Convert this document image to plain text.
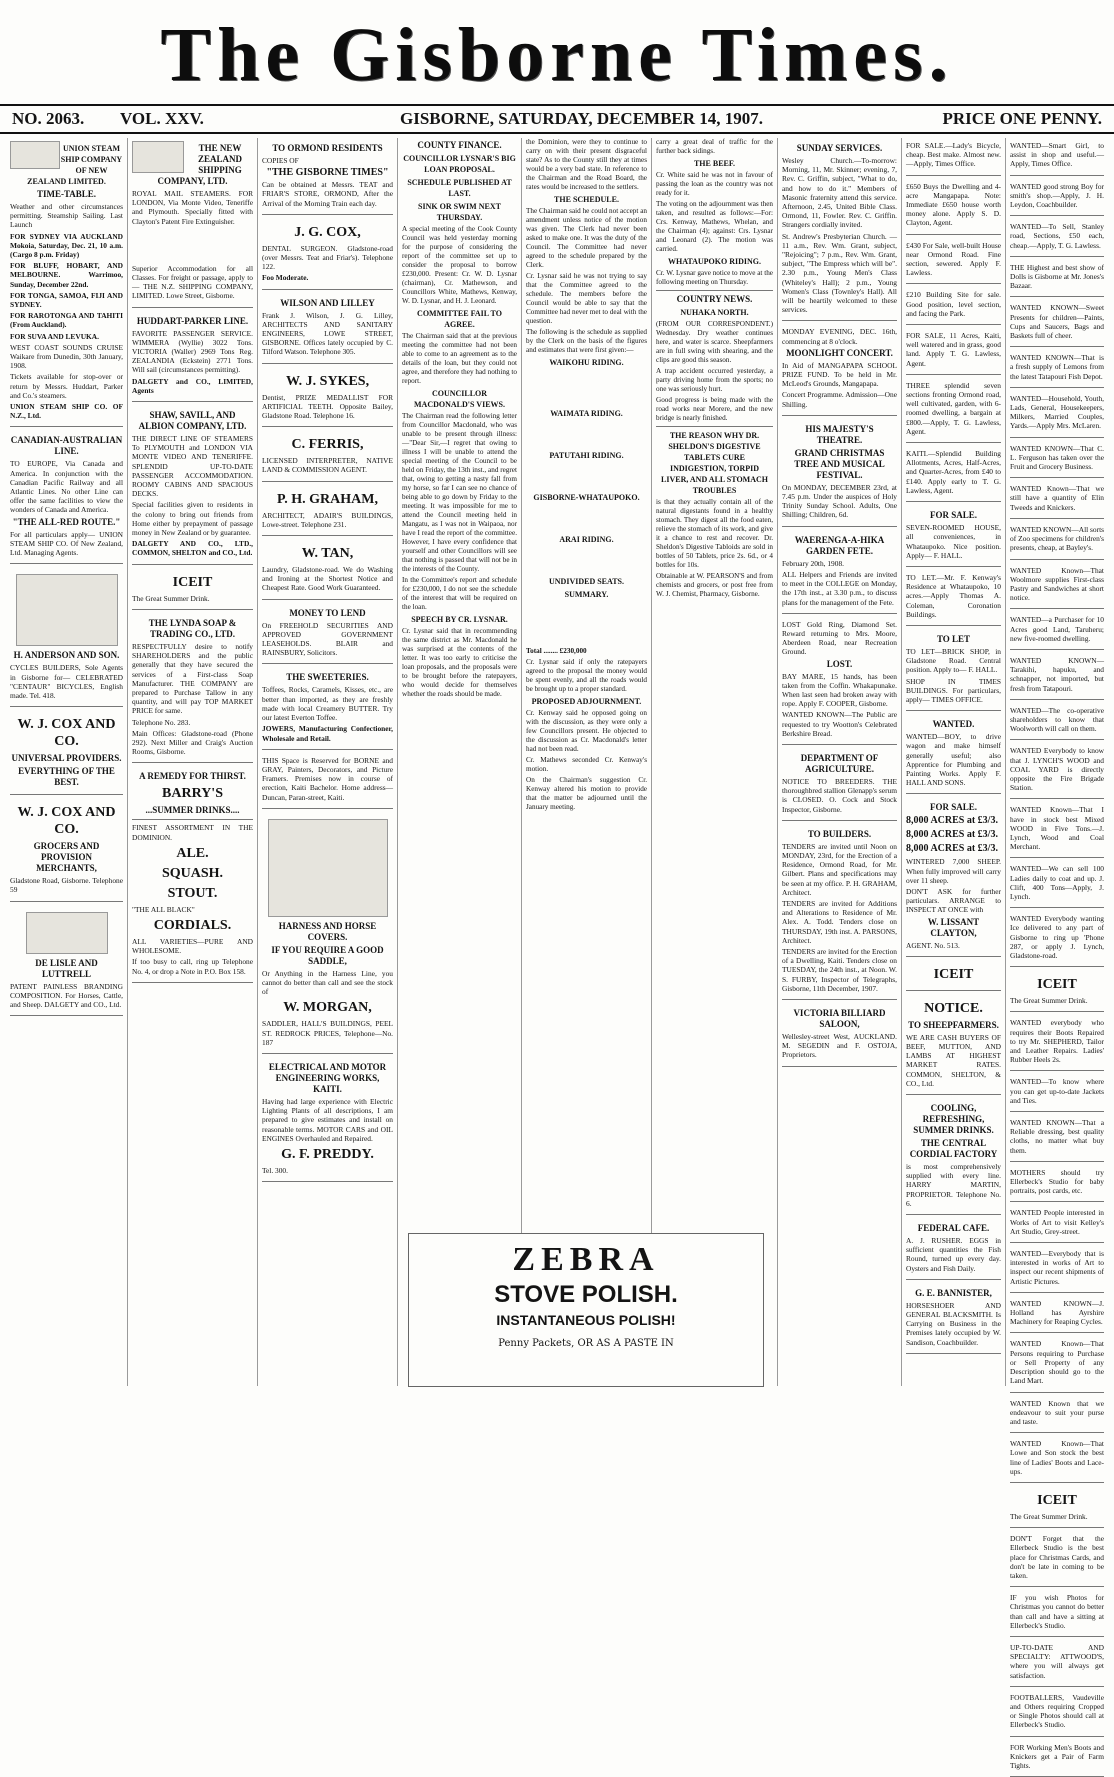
The Gisborne Times.
NO. 2063. VOL. XXV.	GISBORNE, SATURDAY, DECEMBER 14, 1907.	PRICE ONE PENNY.
UNION STEAM SHIP COMPANY OF NEW ZEALAND LIMITED.
TIME-TABLE.

Weather and other circumstances permitting. Steamship Sailing. Last Launch

FOR SYDNEY VIA AUCKLAND Mokoia, Saturday, Dec. 21, 10 a.m. (Cargo 8 p.m. Friday)

FOR BLUFF, HOBART, AND MELBOURNE. Warrimoo, Sunday, December 22nd.

FOR TONGA, SAMOA, FIJI AND SYDNEY.

FOR RAROTONGA AND TAHITI (From Auckland).

FOR SUVA AND LEVUKA.

WEST COAST SOUNDS CRUISE Waikare from Dunedin, 30th January, 1908.

Tickets available for stop-over or return by Messrs. Huddart, Parker and Co.'s steamers.

UNION STEAM SHIP CO. OF N.Z., Ltd.

CANADIAN-AUSTRALIAN LINE.

TO EUROPE, Via Canada and America. In conjunction with the Canadian Pacific Railway and all Atlantic Lines. No other Line can offer the same facilities to view the wonders of Canada and America.

"THE ALL-RED ROUTE."

For all particulars apply— UNION STEAM SHIP CO. Of New Zealand, Ltd. Managing Agents.

H. ANDERSON AND SON.

CYCLES BUILDERS, Sole Agents in Gisborne for— CELEBRATED "CENTAUR" BICYCLES, English made. Tel. 418.

W. J. COX AND CO.
UNIVERSAL PROVIDERS.
EVERYTHING OF THE BEST.
W. J. COX AND CO.
GROCERS AND PROVISION MERCHANTS,

Gladstone Road, Gisborne. Telephone 59

DE LISLE AND LUTTRELL

PATENT PAINLESS BRANDING COMPOSITION. For Horses, Cattle, and Sheep. DALGETY and CO., Ltd.

THE NEW ZEALAND SHIPPING COMPANY, LTD.

ROYAL MAIL STEAMERS. FOR LONDON, Via Monte Video, Teneriffe and Plymouth. Specially fitted with Clayton's Patent Fire Extinguisher.

Superior Accommodation for all Classes. For freight or passage, apply to— THE N.Z. SHIPPING COMPANY, LIMITED. Lowe Street, Gisborne.

HUDDART-PARKER LINE.

FAVORITE PASSENGER SERVICE. WIMMERA (Wyllie) 3022 Tons. VICTORIA (Waller) 2969 Tons Reg. ZEALANDIA (Eckstein) 2771 Tons. Will sail (circumstances permitting).

DALGETY and CO., LIMITED, Agents

SHAW, SAVILL, AND ALBION COMPANY, LTD.

THE DIRECT LINE OF STEAMERS To PLYMOUTH and LONDON VIA MONTE VIDEO AND TENERIFFE. SPLENDID UP-TO-DATE PASSENGER ACCOMMODATION. ROOMY CABINS AND SPACIOUS DECKS.

Special facilities given to residents in the colony to bring out friends from Home either by prepayment of passage money in New Zealand or by guarantee.

DALGETY AND CO., LTD., COMMON, SHELTON and CO., Ltd.

ICEIT

The Great Summer Drink.

THE LYNDA SOAP & TRADING CO., LTD.

RESPECTFULLY desire to notify SHAREHOLDERS and the public generally that they have secured the services of a First-class Soap Manufacturer. THE COMPANY are prepared to Purchase Tallow in any quantity, and will pay TOP MARKET PRICE for same.

Telephone No. 283.

Main Offices: Gladstone-road (Phone 292). Next Miller and Craig's Auction Rooms, Gisborne.

A REMEDY FOR THIRST.
BARRY'S
...SUMMER DRINKS....

FINEST ASSORTMENT IN THE DOMINION.

ALE.
SQUASH.
STOUT.

"THE ALL BLACK"

CORDIALS.

ALL VARIETIES—PURE AND WHOLESOME.

If too busy to call, ring up Telephone No. 4, or drop a Note in P.O. Box 158.

TO ORMOND RESIDENTS

COPIES OF

"THE GISBORNE TIMES"

Can be obtained at Messrs. TEAT and FRIAR'S STORE, ORMOND, After the Arrival of the Morning Train each day.

J. G. COX,

DENTAL SURGEON. Gladstone-road (over Messrs. Teat and Friar's). Telephone 122.

Foo Moderate.

WILSON AND LILLEY

Frank J. Wilson, J. G. Lilley, ARCHITECTS AND SANITARY ENGINEERS, LOWE STREET, GISBORNE. Offices lately occupied by C. Tilford Watson. Telephone 305.

W. J. SYKES,

Dentist, PRIZE MEDALLIST FOR ARTIFICIAL TEETH. Opposite Bailey, Gladstone Road. Telephone 16.

C. FERRIS,

LICENSED INTERPRETER, NATIVE LAND & COMMISSION AGENT.

P. H. GRAHAM,

ARCHITECT, ADAIR'S BUILDINGS, Lowe-street. Telephone 231.

W. TAN,

Laundry, Gladstone-road. We do Washing and Ironing at the Shortest Notice and Cheapest Rate. Good Work Guaranteed.

MONEY TO LEND

On FREEHOLD SECURITIES AND APPROVED GOVERNMENT LEASEHOLDS. BLAIR and RAINSBURY, Solicitors.

THE SWEETERIES.

Toffees, Rocks, Caramels, Kisses, etc., are better than imported, as they are freshly made with local Creamery BUTTER. Try our latest Everton Toffee.

JOWERS, Manufacturing Confectioner, Wholesale and Retail.

THIS Space is Reserved for BORNE and GRAY, Painters, Decorators, and Picture Framers. Premises now in course of erection, Kaiti Bachelor. Home address—Duncan, Paran-street, Kaiti.

HARNESS AND HORSE COVERS.
IF YOU REQUIRE A GOOD SADDLE,

Or Anything in the Harness Line, you cannot do better than call and see the stock of

W. MORGAN,

SADDLER, HALL'S BUILDINGS, PEEL ST. REDROCK PRICES, Telephone—No. 187

ELECTRICAL AND MOTOR ENGINEERING WORKS, KAITI.

Having had large experience with Electric Lighting Plants of all descriptions, I am prepared to give estimates and install on reasonable terms. MOTOR CARS and OIL ENGINES Overhauled and Repaired.

G. F. PREDDY.

Tel. 300.

COUNTY FINANCE.
COUNCILLOR LYSNAR'S BIG LOAN PROPOSAL.
SCHEDULE PUBLISHED AT LAST.
SINK OR SWIM NEXT THURSDAY.

A special meeting of the Cook County Council was held yesterday morning for the purpose of considering the report of the committee set up to consider the proposal to borrow £230,000. Present: Cr. W. D. Lysnar (chairman), Cr. Mathewson, and Councillors White, Mathews, Kenway, W. D. Lysnar, and H. J. Leonard.

COMMITTEE FAIL TO AGREE.

The Chairman said that at the previous meeting the committee had not been able to come to an agreement as to the details of the loan, but they could not agree, and therefore they had nothing to report.

COUNCILLOR MACDONALD'S VIEWS.

The Chairman read the following letter from Councillor Macdonald, who was unable to be present through illness:—"Dear Sir,—I regret that owing to illness I will be unable to attend the special meeting of the Council to be held on Friday, the 13th inst., and regret that, owing to getting a nasty fall from my horse, so far I can see no chance of being able to go down by Friday to the meeting. It was impossible for me to attend the Council meeting held in Mangatu, as I was not in Waipaoa, nor have I read the report of the committee. However, I have every confidence that yourself and other Councillors will see that nothing is passed that will not be in the interests of the County.

In the Committee's report and schedule for £230,000, I do not see the schedule of the interest that will be required on the loan.

SPEECH BY CR. LYSNAR.

Cr. Lysnar said that in recommending the same district as Mr. Macdonald he was surprised at the contents of the letter. It was too early to criticise the loan proposals, and the proposals were to be brought before the ratepayers, who would decide for themselves whether the roads should be made.

the Dominion, were they to continue to carry on with their present disgraceful state? As to the County still they at times would be a very bad state. In reference to the Chairman and the Road Board, the rates would be increased to the settlers.

THE SCHEDULE.

The Chairman said he could not accept an amendment unless notice of the motion was given. The Clerk had never been asked to make one. It was the duty of the Council. The Committee had never agreed to the schedule prepared by the Clerk.

Cr. Lysnar said he was not trying to say that the Committee agreed to the schedule. The members before the Council would be able to say that the Committee had never met to deal with the question.

The following is the schedule as supplied by the Clerk on the basis of the figures and estimates that were first given:—

WAIKOHU RIDING.

WAIMATA RIDING.

PATUTAHI RIDING.

GISBORNE-WHATAUPOKO.

ARAI RIDING.

UNDIVIDED SEATS.
SUMMARY.

Total ........ £230,000

Cr. Lysnar said if only the ratepayers agreed to the proposal the money would be spent evenly, and all the roads would be brought up to a proper standard.

PROPOSED ADJOURNMENT.

Cr. Kenway said he opposed going on with the discussion, as they were only a few Councillors present. He objected to the discussion as Cr. Macdonald's letter had not been read.

Cr. Mathews seconded Cr. Kenway's motion.

On the Chairman's suggestion Cr. Kenway altered his motion to provide that the matter be adjourned until the January meeting.

carry a great deal of traffic for the further back sidings.

THE BEEF.

Cr. White said he was not in favour of passing the loan as the country was not ready for it.

The voting on the adjournment was then taken, and resulted as follows:—For: Crs. Kenway, Mathews, Whelan, and the Chairman (4); against: Crs. Lysnar and Leonard (2). The motion was carried.

WHATAUPOKO RIDING.

Cr. W. Lysnar gave notice to move at the following meeting on Thursday.

COUNTRY NEWS.
NUHAKA NORTH.

(FROM OUR CORRESPONDENT.) Wednesday. Dry weather continues here, and water is scarce. Sheepfarmers are in full swing with shearing, and the clips are good this season.

A trap accident occurred yesterday, a party driving home from the sports; no one was seriously hurt.

Good progress is being made with the road works near Morere, and the new bridge is nearly finished.

THE REASON WHY DR. SHELDON'S DIGESTIVE TABLETS CURE INDIGESTION, TORPID LIVER, AND ALL STOMACH TROUBLES

is that they actually contain all of the natural digestants found in a healthy stomach. They digest all the food eaten, relieve the stomach of its work, and give it a chance to rest and recover. Dr. Sheldon's Digestive Tabloids are sold in bottles of 50 Tablets, price 2s. 6d., or 4 bottles for 10s.

Obtainable at W. PEARSON'S and from chemists and grocers, or post free from W. J. Chemist, Pharmacy, Gisborne.

SUNDAY SERVICES.

Wesley Church.—To-morrow: Morning, 11, Mr. Skinner; evening, 7, Rev. C. Griffin, subject, "What to do, and how to do it." Members of Masonic fraternity attend this service. Afternoon, 2.45, United Bible Class. Ormond, 11, Fowler. Rev. C. Griffin. Strangers cordially invited.

St. Andrew's Presbyterian Church. —11 a.m., Rev. Wm. Grant, subject, "Rejoicing"; 7 p.m., Rev. Wm. Grant, subject, "The Empress which will be". 2.30 p.m., Young Men's Class (Whiteley's Hall); 2 p.m., Young Women's Class (Townley's Hall). All will be heartily welcomed to these services.

MONDAY EVENING, DEC. 16th, commencing at 8 o'clock.

MOONLIGHT CONCERT.

In Aid of MANGAPAPA SCHOOL PRIZE FUND. To be held in Mr. McLeod's Grounds, Mangapapa.

Concert Programme. Admission—One Shilling.

HIS MAJESTY'S THEATRE.
GRAND CHRISTMAS TREE AND MUSICAL FESTIVAL.

On MONDAY, DECEMBER 23rd, at 7.45 p.m. Under the auspices of Holy Trinity Sunday School. Adults, One Shilling; Children, 6d.

WAERENGA-A-HIKA GARDEN FETE.

February 20th, 1908.

ALL Helpers and Friends are invited to meet in the COLLEGE on Monday, the 17th inst., at 3.30 p.m., to discuss plans for the management of the Fete.

LOST Gold Ring, Diamond Set. Reward returning to Mrs. Moore, Aberdeen Road, near Recreation Ground.

LOST.

BAY MARE, 15 hands, has been taken from the Coffin. Whakapunake. When last seen had broken away with rope. Apply F. COOPER, Gisborne.

WANTED KNOWN—The Public are requested to try Wootton's Celebrated Berkshire Bread.

DEPARTMENT OF AGRICULTURE.

NOTICE TO BREEDERS. THE thoroughbred stallion Glenapp's serum is CLOSED. O. Cock and Stock Inspector, Gisborne.

TO BUILDERS.

TENDERS are invited until Noon on MONDAY, 23rd, for the Erection of a Residence, Ormond Road, for Mr. Gilbert. Plans and specifications may be seen at my office. P. H. GRAHAM, Architect.

TENDERS are invited for Additions and Alterations to Residence of Mr. Alex. A. Todd. Tenders close on THURSDAY, 19th inst. A. PARSONS, Architect.

TENDERS are invited for the Erection of a Dwelling, Kaiti. Tenders close on TUESDAY, the 24th inst., at Noon. W. S. FURBY, Inspector of Telegraphs, Gisborne, 11th December, 1907.

VICTORIA BILLIARD SALOON,

Wellesley-street West, AUCKLAND. M. SEGEDIN and F. OSTOJA, Proprietors.

FOR SALE.—Lady's Bicycle, cheap. Best make. Almost new.—Apply, Times Office.

£650 Buys the Dwelling and 4-acre Mangapapa. Note: Immediate £650 house worth money alone. Apply S. D. Clayton, Agent.

£430 For Sale, well-built House near Ormond Road. Fine section, sewered. Apply F. Lawless.

£210 Building Site for sale. Good position, level section, and facing the Park.

FOR SALE, 11 Acres, Kaiti, well watered and in grass, good land. Apply T. G. Lawless, Agent.

THREE splendid seven sections fronting Ormond road, well cultivated, garden, with 6-roomed dwelling, a bargain at £800.—Apply, T. G. Lawless, Agent.

KAITI.—Splendid Building Allotments, Acres, Half-Acres, and Quarter-Acres, from £40 to £140. Apply early to T. G. Lawless, Agent.

FOR SALE.

SEVEN-ROOMED HOUSE, all conveniences, in Whataupoko. Nice position. Apply— F. HALL.

TO LET.—Mr. F. Kenway's Residence at Whataupoko, 10 acres.—Apply Thomas A. Coleman, Coronation Buildings.

TO LET

TO LET—BRICK SHOP, in Gladstone Road. Central position. Apply to— F. HALL.

SHOP IN TIMES BUILDINGS. For particulars, apply— TIMES OFFICE.

WANTED.

WANTED—BOY, to drive wagon and make himself generally useful; also Apprentice for Plumbing and Painting Works. Apply F. HALL AND SONS.

FOR SALE.

8,000 ACRES at £3/3.

8,000 ACRES at £3/3.

8,000 ACRES at £3/3.

WINTERED 7,000 SHEEP. When fully improved will carry over 11 sheep.

DON'T ASK for further particulars. ARRANGE to INSPECT AT ONCE with

W. LISSANT CLAYTON,

AGENT. No. 513.

ICEIT
NOTICE.
TO SHEEPFARMERS.

WE ARE CASH BUYERS OF BEEF, MUTTON, AND LAMBS AT HIGHEST MARKET RATES. COMMON, SHELTON, & CO., Ltd.

COOLING, REFRESHING, SUMMER DRINKS.
THE CENTRAL CORDIAL FACTORY

is most comprehensively supplied with every line. HARRY MARTIN, PROPRIETOR. Telephone No. 6.

FEDERAL CAFE.

A. J. RUSHER. EGGS in sufficient quantities the Fish Round, turned up every day. Oysters and Fish Daily.

G. E. BANNISTER,

HORSESHOER AND GENERAL BLACKSMITH. Is Carrying on Business in the Premises lately occupied by W. Sandison, Coachbuilder.

WANTED—Smart Girl, to assist in shop and useful.—Apply, Times Office.

WANTED good strong Boy for smith's shop.—Apply, J. H. Leydon, Coachbuilder.

WANTED—To Sell, Stanley road, Sections, £50 each, cheap.—Apply, T. G. Lawless.

THE Highest and best show of Dolls is Gisborne at Mr. Jones's Bazaar.

WANTED KNOWN—Sweet Presents for children—Paints, Cups and Saucers, Bags and Baskets full of cheer.

WANTED KNOWN—That is a fresh supply of Lemons from the latest Tatapouri Fish Depot.

WANTED—Household, Youth, Lads, General, Housekeepers, Milkers, Married Couples, Yards.—Apply Mrs. McLaren.

WANTED KNOWN—That C. L. Ferguson has taken over the Fruit and Grocery Business.

WANTED Known—That we still have a quantity of Elin Tweeds and Knickers.

WANTED KNOWN—All sorts of Zoo specimens for children's presents, cheap, at Bayley's.

WANTED Known—That Woolmore supplies First-class Pastry and Sandwiches at short notice.

WANTED—a Purchaser for 10 Acres good Land, Taruheru; new five-roomed dwelling.

WANTED KNOWN—Tarakihi, hapuku, and schnapper, not imported, but fresh from Tatapouri.

WANTED—The co-operative shareholders to know that Woolworth will call on them.

WANTED Everybody to know that J. LYNCH'S WOOD and COAL YARD is directly opposite the Fire Brigade Station.

WANTED Known—That I have in stock best Mixed WOOD in Five Tons.—J. Lynch, Wood and Coal Merchant.

WANTED—We can sell 100 Ladies daily to coat and up. J. Clift, 400 Tons—Apply, J. Lynch.

WANTED Everybody wanting Ice delivered to any part of Gisborne to ring up 'Phone 287, or apply J. Lynch, Gladstone-road.

ICEIT

The Great Summer Drink.

WANTED everybody who requires their Boots Repaired to try Mr. SHEPHERD, Tailor and Leather Repairs. Ladies' Rubber Heels 2s.

WANTED—To know where you can get up-to-date Jackets and Ties.

WANTED KNOWN—That a Reliable dressing, best quality cloths, no matter what buy them.

MOTHERS should try Ellerbeck's Studio for baby portraits, post cards, etc.

WANTED People interested in Works of Art to visit Kelley's Art Studio, Grey-street.

WANTED—Everybody that is interested in works of Art to inspect our recent shipments of Artistic Pictures.

WANTED KNOWN—J. Holland has Ayrshire Machinery for Reaping Cycles.

WANTED Known—That Persons requiring to Purchase or Sell Property of any Description should go to the Land Mart.

WANTED Known that we endeavour to suit your purse and taste.

WANTED Known—That Lowe and Son stock the best line of Ladies' Boots and Lace-ups.

ICEIT

The Great Summer Drink.

DON'T Forget that the Ellerbeck Studio is the best place for Christmas Cards, and don't be late in coming to be taken.

IF you wish Photos for Christmas you cannot do better than call and have a sitting at Ellerbeck's Studio.

UP-TO-DATE AND SPECIALTY: ATTWOOD'S, where you will always get satisfaction.

FOOTBALLERS, Vaudeville and Others requiring Cropped or Single Photos should call at Ellerbeck's Studio.

FOR Working Men's Boots and Knickers get a Pair of Farm Tights.

ZEBRA
STOVE POLISH.
INSTANTANEOUS POLISH!
Penny Packets, OR AS A PASTE IN
